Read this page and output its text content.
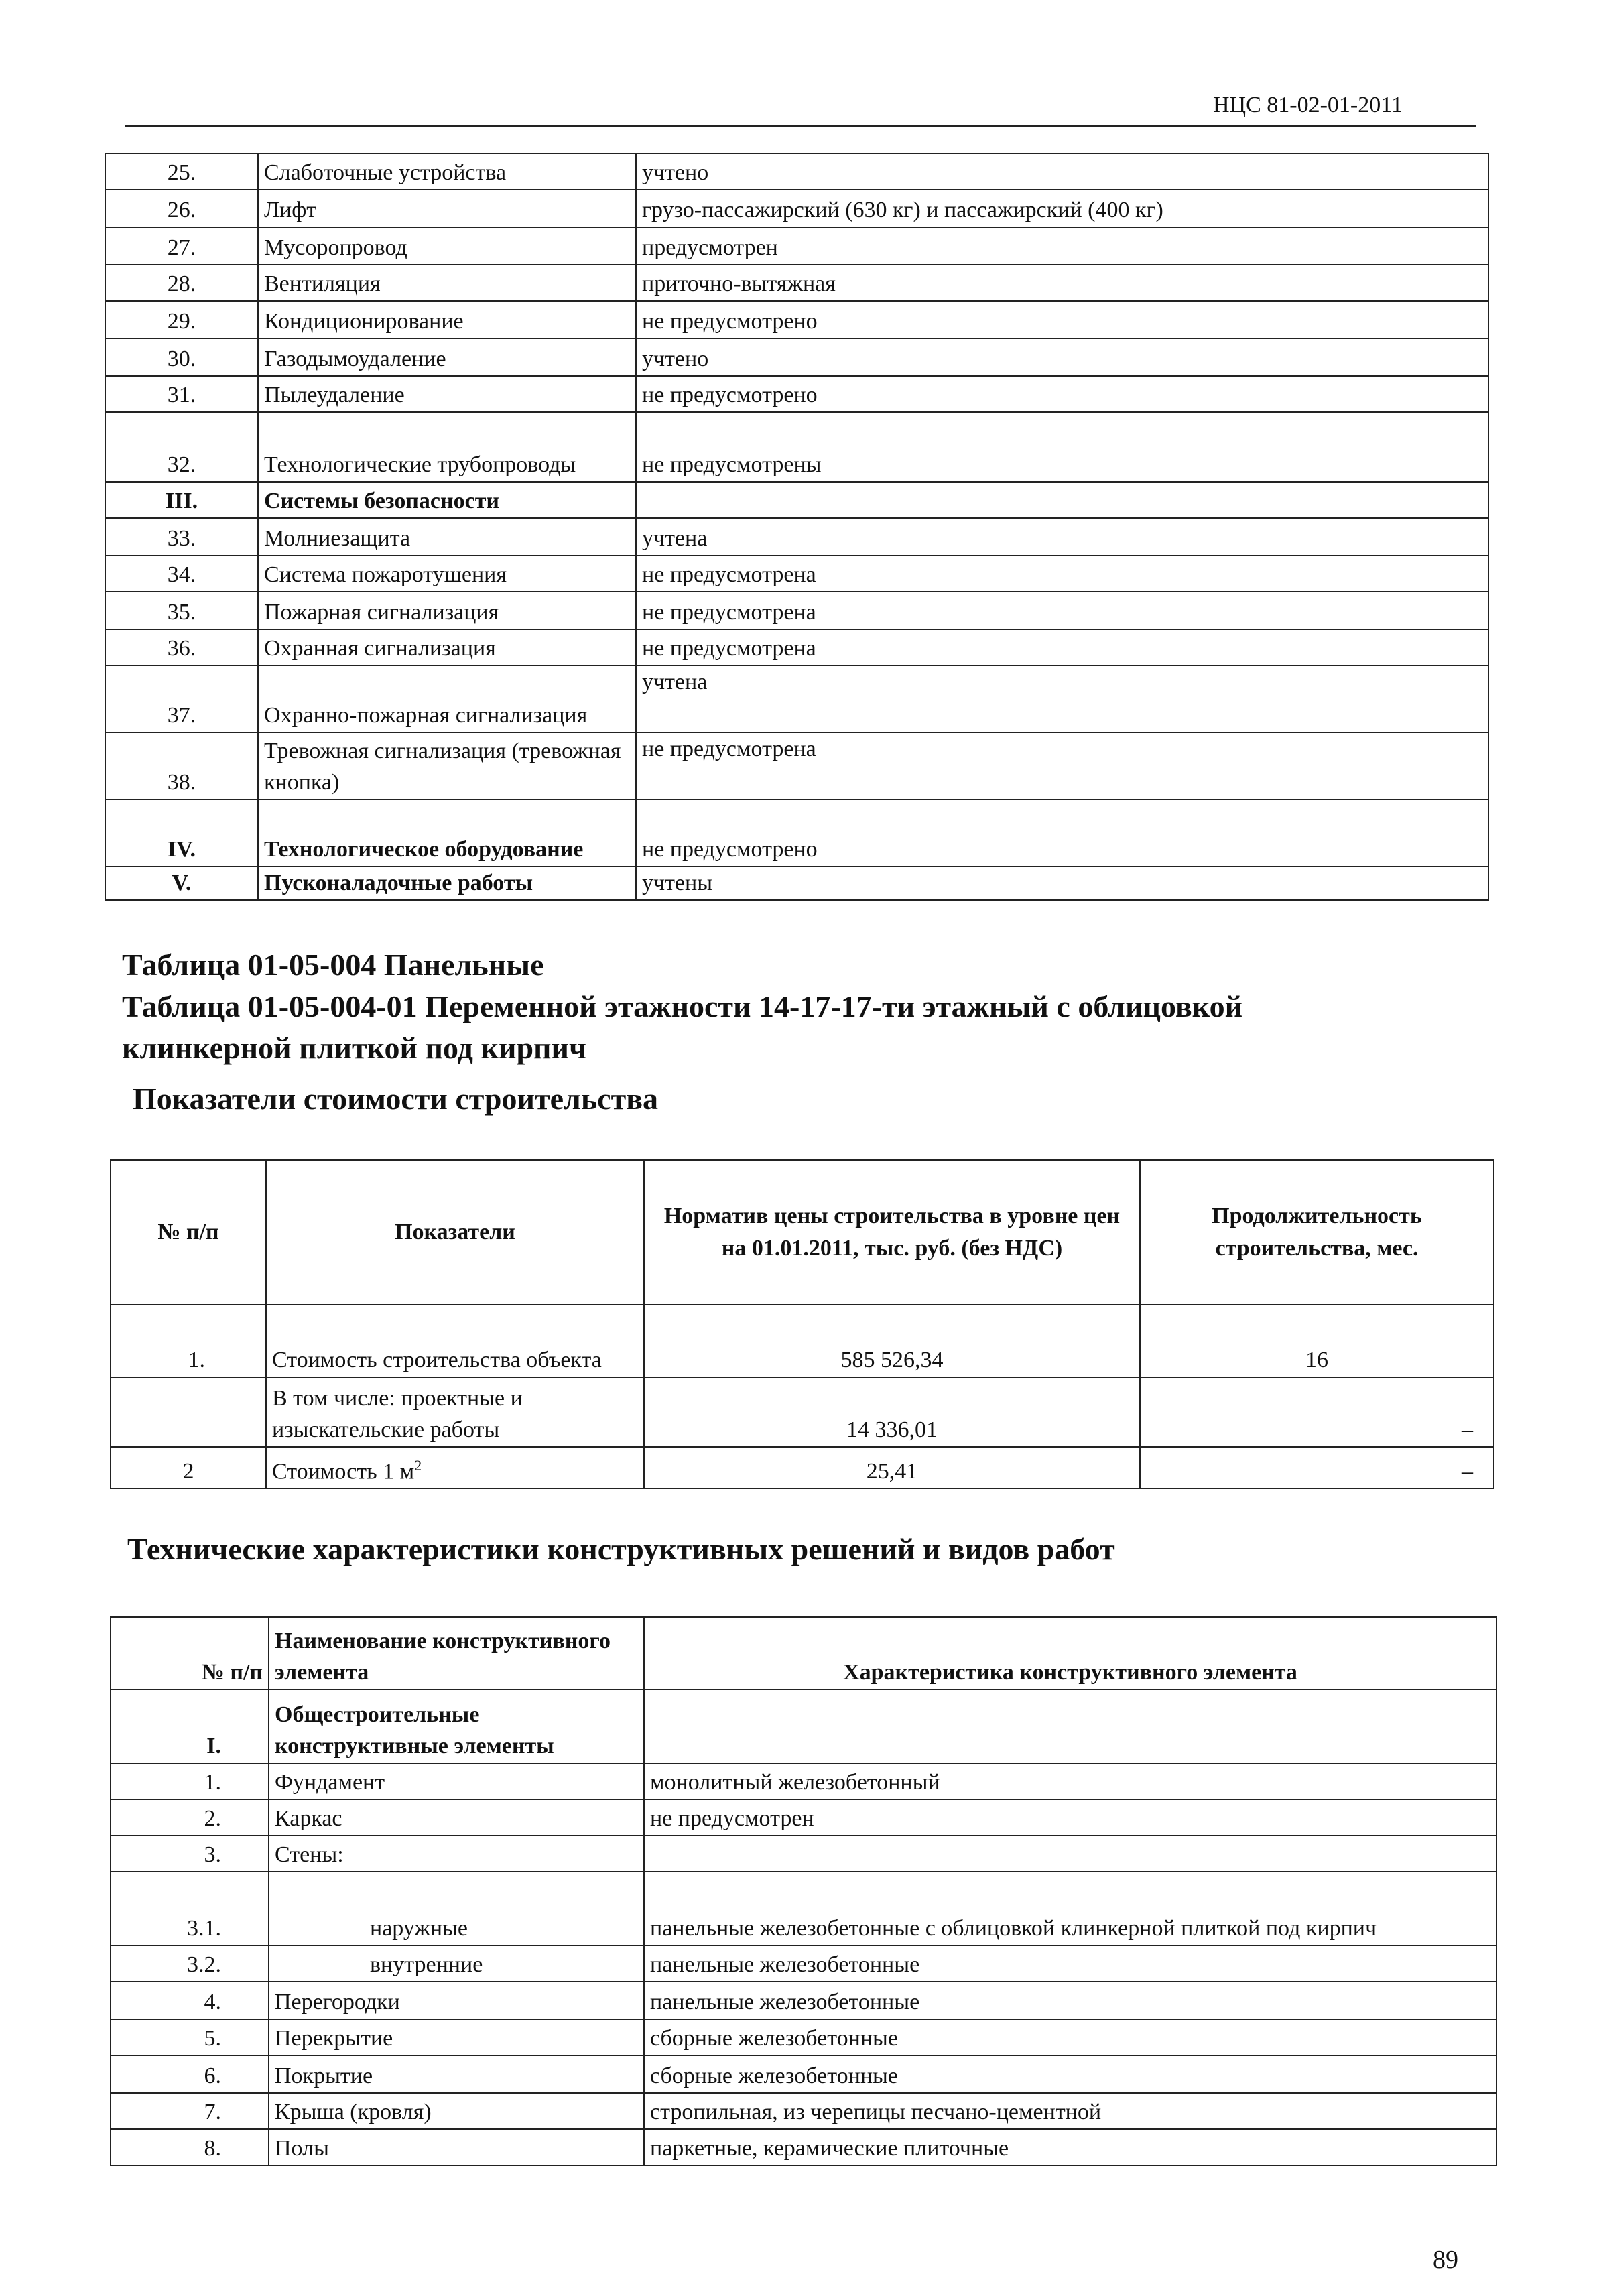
НЦС 81-02-01-2011
25.	Слаботочные устройства	учтено
26.	Лифт	грузо-пассажирский (630 кг) и пассажирский (400 кг)
27.	Мусоропровод	предусмотрен
28.	Вентиляция	приточно-вытяжная
29.	Кондиционирование	не предусмотрено
30.	Газодымоудаление	учтено
31.	Пылеудаление	не предусмотрено
32.	Технологические трубопроводы	не предусмотрены
III.	Системы безопасности	
33.	Молниезащита	учтена
34.	Система пожаротушения	не предусмотрена
35.	Пожарная сигнализация	не предусмотрена
36.	Охранная сигнализация	не предусмотрена
37.	Охранно-пожарная сигнализация	учтена
38.	Тревожная сигнализация (тревожная кнопка)	не предусмотрена
IV.	Технологическое оборудование	не предусмотрено
V.	Пусконаладочные работы	учтены
Таблица 01-05-004 Панельные
Таблица 01-05-004-01 Переменной этажности 14-17-17-ти этажный с облицовкой
клинкерной плиткой под кирпич
Показатели стоимости строительства
№ п/п	Показатели	Норматив цены строительства в уровне цен на 01.01.2011, тыс. руб. (без НДС)	Продолжительность строительства, мес.
1.	Стоимость строительства объекта	585 526,34	16
	В том числе: проектные и изыскательские работы	14 336,01	–
2	Стоимость 1 $м^2$	25,41	–
Технические характеристики конструктивных решений и видов работ
№ п/п	Наименование конструктивного элемента	Характеристика конструктивного элемента
I.	Общестроительные конструктивные элементы	
1.	Фундамент	монолитный железобетонный
2.	Каркас	не предусмотрен
3.	Стены:	
3.1.	наружные	панельные железобетонные с облицовкой клинкерной плиткой под кирпич
3.2.	внутренние	панельные железобетонные
4.	Перегородки	панельные железобетонные
5.	Перекрытие	сборные железобетонные
6.	Покрытие	сборные железобетонные
7.	Крыша (кровля)	стропильная, из черепицы песчано-цементной
8.	Полы	паркетные, керамические плиточные
89
